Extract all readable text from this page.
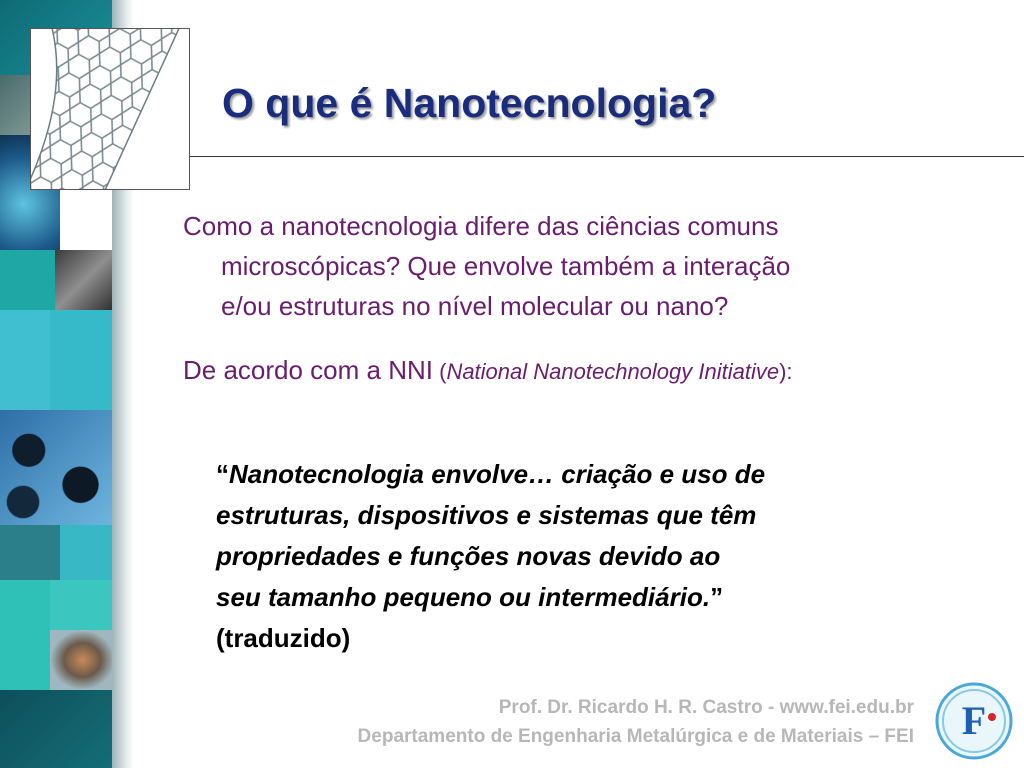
O que é Nanotecnologia?

Como a nanotecnologia difere das ciências comuns
microscópicas? Que envolve também a interação
e/ou estruturas no nível molecular ou nano?

De acordo com a NNI (National Nanotechnology Initiative):

“Nanotecnologia envolve… criação e uso de
estruturas, dispositivos e sistemas que têm
propriedades e funções novas devido ao
seu tamanho pequeno ou intermediário.”
(traduzido)

Prof. Dr. Ricardo H. R. Castro - www.fei.edu.br
Departamento de Engenharia Metalúrgica e de Materiais – FEI F
